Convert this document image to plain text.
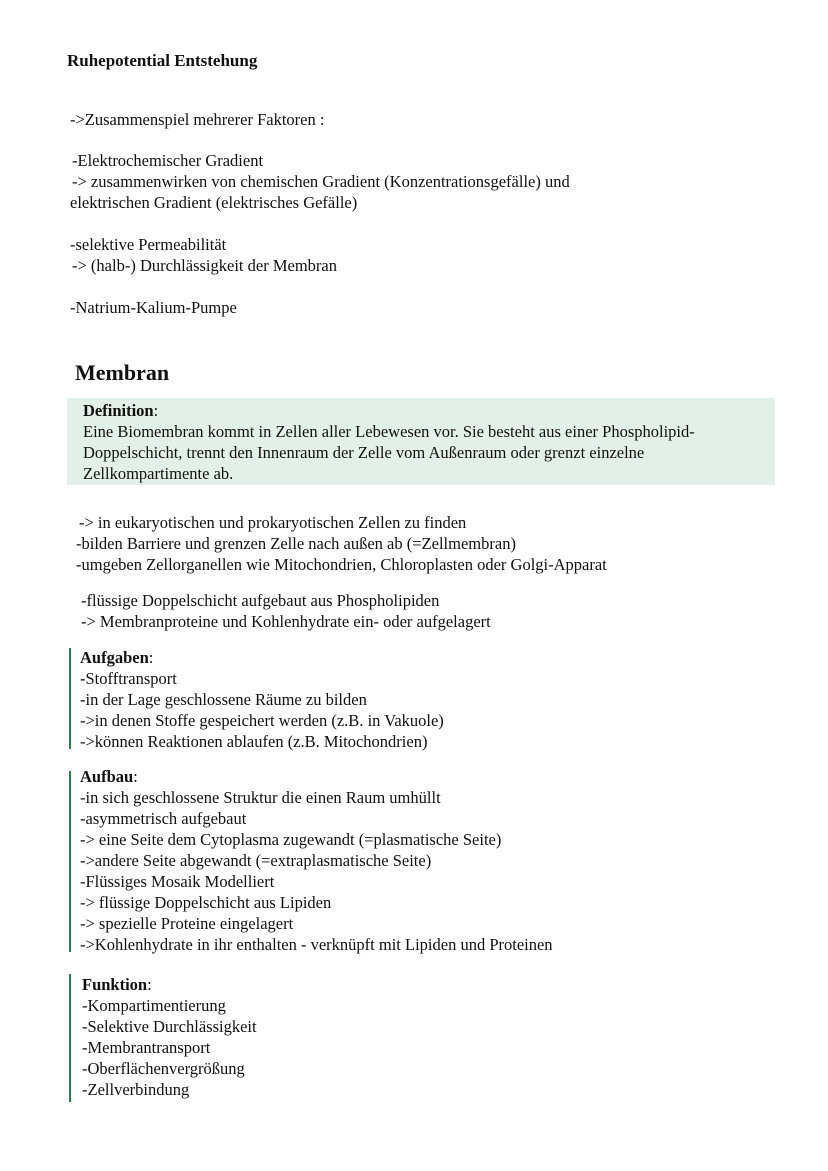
Ruhepotential Entstehung
->Zusammenspiel mehrerer Faktoren :
-Elektrochemischer Gradient
-> zusammenwirken von chemischen Gradient (Konzentrationsgefälle) und
elektrischen Gradient (elektrisches Gefälle)
-selektive Permeabilität
-> (halb-) Durchlässigkeit der Membran
-Natrium-Kalium-Pumpe
Membran
Definition:
Eine Biomembran kommt in Zellen aller Lebewesen vor. Sie besteht aus einer Phospholipid-
Doppelschicht, trennt den Innenraum der Zelle vom Außenraum oder grenzt einzelne
Zellkompartimente ab.
-> in eukaryotischen und prokaryotischen Zellen zu finden
-bilden Barriere und grenzen Zelle nach außen ab (=Zellmembran)
-umgeben Zellorganellen wie Mitochondrien, Chloroplasten oder Golgi-Apparat
-flüssige Doppelschicht aufgebaut aus Phospholipiden
-> Membranproteine und Kohlenhydrate ein- oder aufgelagert
Aufgaben:
-Stofftransport
-in der Lage geschlossene Räume zu bilden
->in denen Stoffe gespeichert werden (z.B. in Vakuole)
->können Reaktionen ablaufen (z.B. Mitochondrien)
Aufbau:
-in sich geschlossene Struktur die einen Raum umhüllt
-asymmetrisch aufgebaut
-> eine Seite dem Cytoplasma zugewandt (=plasmatische Seite)
->andere Seite abgewandt (=extraplasmatische Seite)
-Flüssiges Mosaik Modelliert
-> flüssige Doppelschicht aus Lipiden
-> spezielle Proteine eingelagert
->Kohlenhydrate in ihr enthalten - verknüpft mit Lipiden und Proteinen
Funktion:
-Kompartimentierung
-Selektive Durchlässigkeit
-Membrantransport
-Oberflächenvergrößung
-Zellverbindung
